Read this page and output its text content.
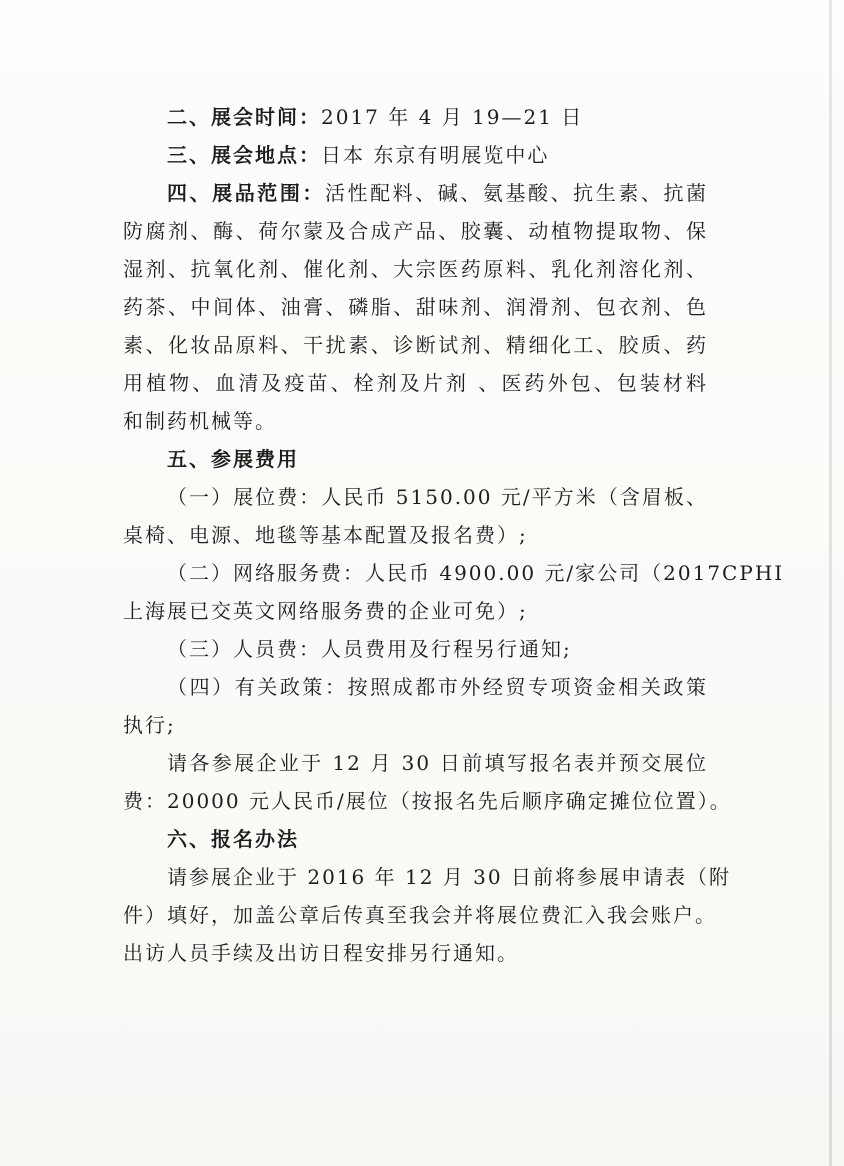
二、展会时间：2017 年 4 月 19—21 日
三、展会地点：日本 东京有明展览中心
四、展品范围：活性配料、碱、氨基酸、抗生素、抗菌
防腐剂、酶、荷尔蒙及合成产品、胶囊、动植物提取物、保
湿剂、抗氧化剂、催化剂、大宗医药原料、乳化剂溶化剂、
药茶、中间体、油膏、磷脂、甜味剂、润滑剂、包衣剂、色
素、化妆品原料、干扰素、诊断试剂、精细化工、胶质、药
用植物、血清及疫苗、栓剂及片剂 、医药外包、包装材料
和制药机械等。
五、参展费用
（一）展位费：人民币 5150.00 元/平方米（含眉板、
桌椅、电源、地毯等基本配置及报名费）;
（二）网络服务费：人民币 4900.00 元/家公司（2017CPHI
上海展已交英文网络服务费的企业可免）;
（三）人员费：人员费用及行程另行通知;
（四）有关政策：按照成都市外经贸专项资金相关政策
执行;
请各参展企业于 12 月 30 日前填写报名表并预交展位
费：20000 元人民币/展位（按报名先后顺序确定摊位位置）。
六、报名办法
请参展企业于 2016 年 12 月 30 日前将参展申请表（附
件）填好，加盖公章后传真至我会并将展位费汇入我会账户。
出访人员手续及出访日程安排另行通知。
